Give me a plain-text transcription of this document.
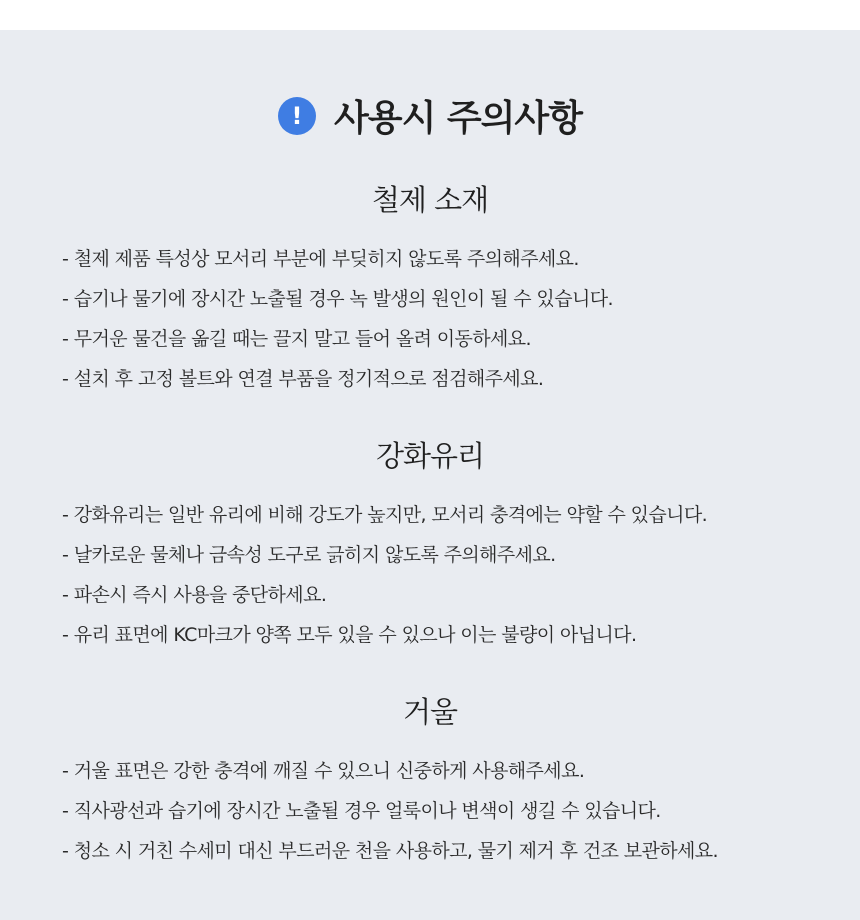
! 사용시 주의사항
철제 소재
- 철제 제품 특성상 모서리 부분에 부딪히지 않도록 주의해주세요.
- 습기나 물기에 장시간 노출될 경우 녹 발생의 원인이 될 수 있습니다.
- 무거운 물건을 옮길 때는 끌지 말고 들어 올려 이동하세요.
- 설치 후 고정 볼트와 연결 부품을 정기적으로 점검해주세요.
강화유리
- 강화유리는 일반 유리에 비해 강도가 높지만, 모서리 충격에는 약할 수 있습니다.
- 날카로운 물체나 금속성 도구로 긁히지 않도록 주의해주세요.
- 파손시 즉시 사용을 중단하세요.
- 유리 표면에 KC마크가 양쪽 모두 있을 수 있으나 이는 불량이 아닙니다.
거울
- 거울 표면은 강한 충격에 깨질 수 있으니 신중하게 사용해주세요.
- 직사광선과 습기에 장시간 노출될 경우 얼룩이나 변색이 생길 수 있습니다.
- 청소 시 거친 수세미 대신 부드러운 천을 사용하고, 물기 제거 후 건조 보관하세요.
